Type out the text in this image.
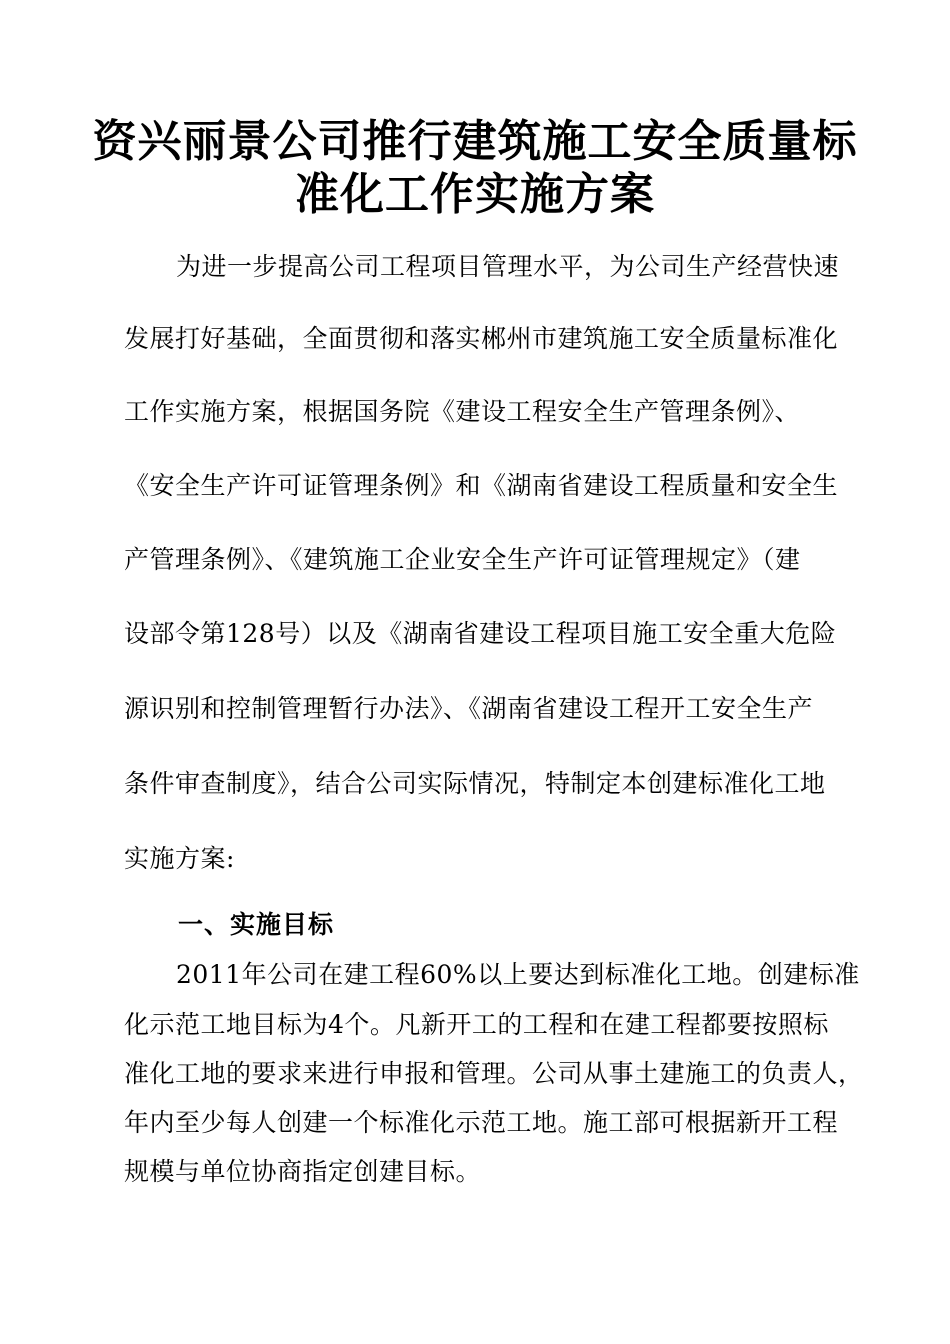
资兴丽景公司推行建筑施工安全质量标
准化工作实施方案
为进一步提高公司工程项目管理水平，为公司生产经营快速
发展打好基础，全面贯彻和落实郴州市建筑施工安全质量标准化
工作实施方案，根据国务院《建设工程安全生产管理条例》、
《安全生产许可证管理条例》和《湖南省建设工程质量和安全生
产管理条例》、《建筑施工企业安全生产许可证管理规定》（建
设部令第128号）以及《湖南省建设工程项目施工安全重大危险
源识别和控制管理暂行办法》、《湖南省建设工程开工安全生产
条件审查制度》，结合公司实际情况，特制定本创建标准化工地
实施方案:
一、实施目标
2011年公司在建工程60%以上要达到标准化工地。创建标准
化示范工地目标为4个。凡新开工的工程和在建工程都要按照标
准化工地的要求来进行申报和管理。公司从事土建施工的负责人，
年内至少每人创建一个标准化示范工地。施工部可根据新开工程
规模与单位协商指定创建目标。
